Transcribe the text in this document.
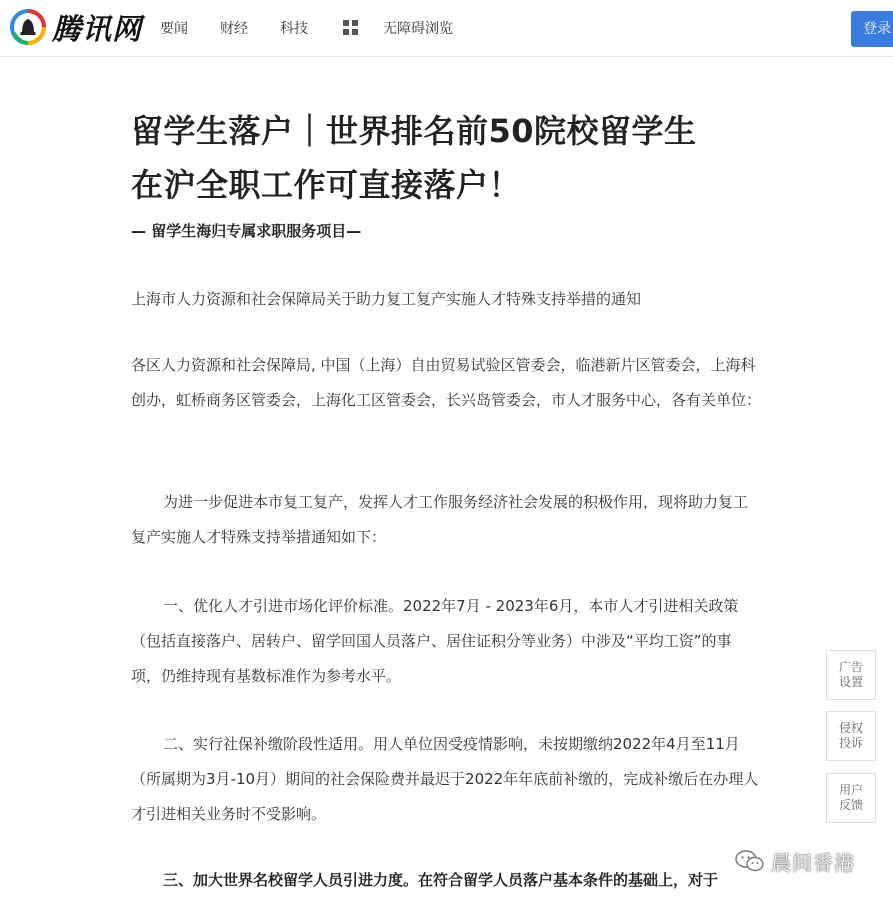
腾讯网 要闻 财经 科技	无障碍浏览	登录
留学生落户｜世界排名前50院校留学生
在沪全职工作可直接落户！
— 留学生海归专属求职服务项目—

上海市人力资源和社会保障局关于助力复工复产实施人才特殊支持举措的通知

各区人力资源和社会保障局, 中国（上海）自由贸易试验区管委会，临港新片区管委会，上海科创办，虹桥商务区管委会，上海化工区管委会，长兴岛管委会，市人才服务中心，各有关单位：

为进一步促进本市复工复产，发挥人才工作服务经济社会发展的积极作用，现将助力复工复产实施人才特殊支持举措通知如下：

一、优化人才引进市场化评价标准。2022年7月 - 2023年6月，本市人才引进相关政策（包括直接落户、居转户、留学回国人员落户、居住证积分等业务）中涉及“平均工资”的事项，仍维持现有基数标准作为参考水平。

二、实行社保补缴阶段性适用。用人单位因受疫情影响，未按期缴纳2022年4月至11月（所属期为3月-10月）期间的社会保险费并最迟于2022年年底前补缴的，完成补缴后在办理人才引进相关业务时不受影响。

三、加大世界名校留学人员引进力度。在符合留学人员落户基本条件的基础上，对于

广告设置
侵权投诉
用户反馈
晨间香港
